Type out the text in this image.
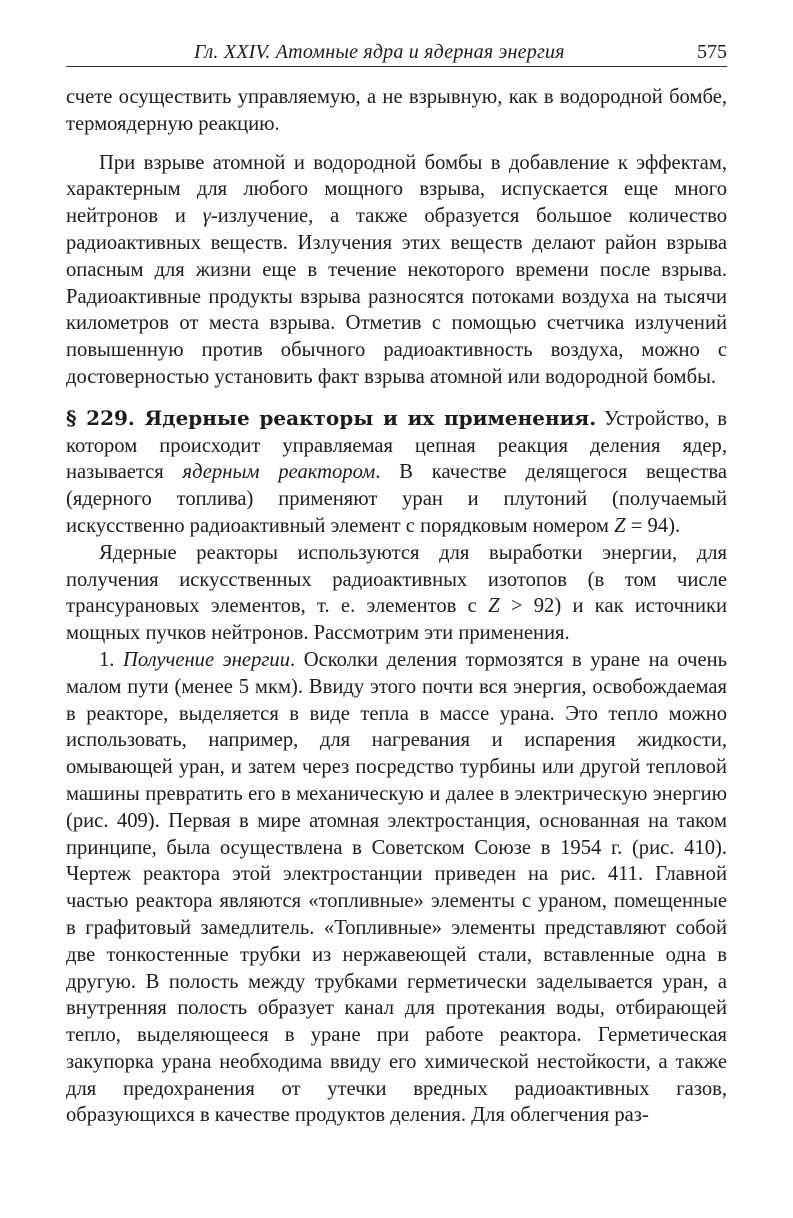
Гл. XXIV. Атомные ядра и ядерная энергия	575

счете осуществить управляемую, а не взрывную, как в водородной бомбе, термоядерную реакцию.

При взрыве атомной и водородной бомбы в добавление к эффектам, характерным для любого мощного взрыва, испускается еще много нейтронов и γ-излучение, а также образуется большое количество радиоактивных веществ. Излучения этих веществ делают район взрыва опасным для жизни еще в течение некоторого времени после взрыва. Радиоактивные продукты взрыва разносятся потоками воздуха на тысячи километров от места взрыва. Отметив с помощью счетчика излучений повышенную против обычного радиоактивность воздуха, можно с достоверностью установить факт взрыва атомной или водородной бомбы.

§ 229. Ядерные реакторы и их применения. Устройство, в котором происходит управляемая цепная реакция деления ядер, называется ядерным реактором. В качестве делящегося вещества (ядерного топлива) применяют уран и плутоний (получаемый искусственно радиоактивный элемент с порядковым номером Z = 94).

Ядерные реакторы используются для выработки энергии, для получения искусственных радиоактивных изотопов (в том числе трансурановых элементов, т. е. элементов с Z > 92) и как источники мощных пучков нейтронов. Рассмотрим эти применения.

1. Получение энергии. Осколки деления тормозятся в уране на очень малом пути (менее 5 мкм). Ввиду этого почти вся энергия, освобождаемая в реакторе, выделяется в виде тепла в массе урана. Это тепло можно использовать, например, для нагревания и испарения жидкости, омывающей уран, и затем через посредство турбины или другой тепловой машины превратить его в механическую и далее в электрическую энергию (рис. 409). Первая в мире атомная электростанция, основанная на таком принципе, была осуществлена в Советском Союзе в 1954 г. (рис. 410). Чертеж реактора этой электростанции приведен на рис. 411. Главной частью реактора являются «топливные» элементы с ураном, помещенные в графитовый замедлитель. «Топливные» элементы представляют собой две тонкостенные трубки из нержавеющей стали, вставленные одна в другую. В полость между трубками герметически заделывается уран, а внутренняя полость образует канал для протекания воды, отбирающей тепло, выделяющееся в уране при работе реактора. Герметическая закупорка урана необходима ввиду его химической нестойкости, а также для предохранения от утечки вредных радиоактивных газов, образующихся в качестве продуктов деления. Для облегчения раз-
